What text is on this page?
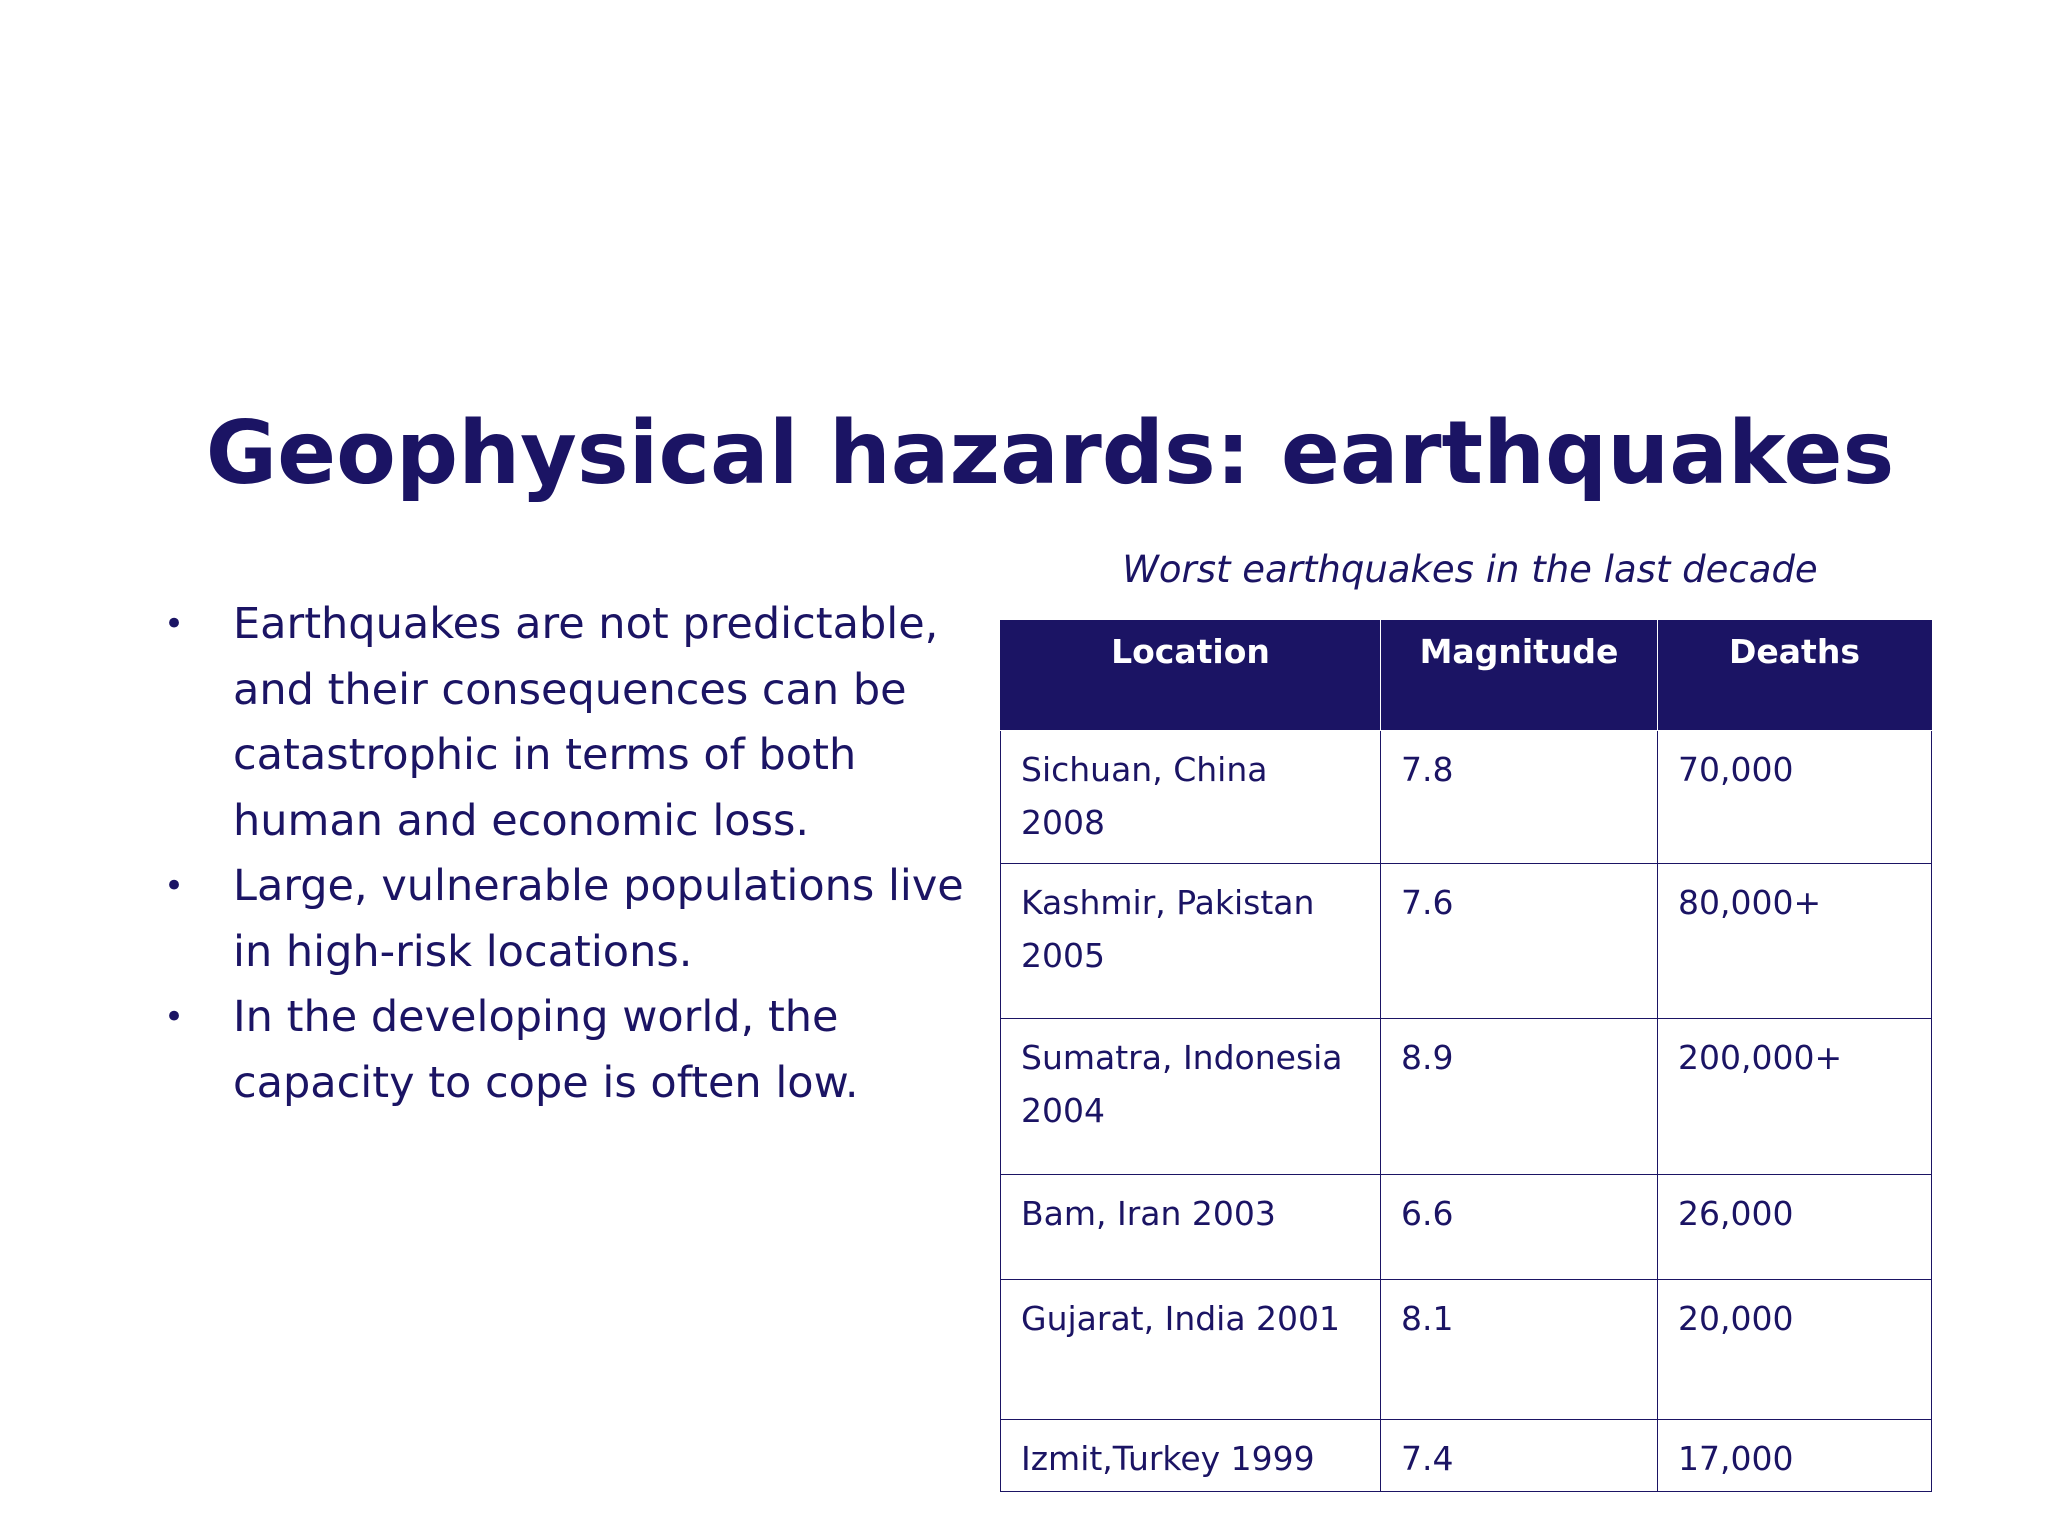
Geophysical hazards: earthquakes
• Earthquakes are not predictable, and their consequences can be catastrophic in terms of both human and economic loss.
• Large, vulnerable populations live in high-risk locations.
• In the developing world, the capacity to cope is often low.
Worst earthquakes in the last decade
Location	Magnitude	Deaths
Sichuan, China 2008	7.8	70,000
Kashmir, Pakistan 2005	7.6	80,000+
Sumatra, Indonesia 2004	8.9	200,000+
Bam, Iran 2003	6.6	26,000
Gujarat, India 2001	8.1	20,000
Izmit,Turkey 1999	7.4	17,000
